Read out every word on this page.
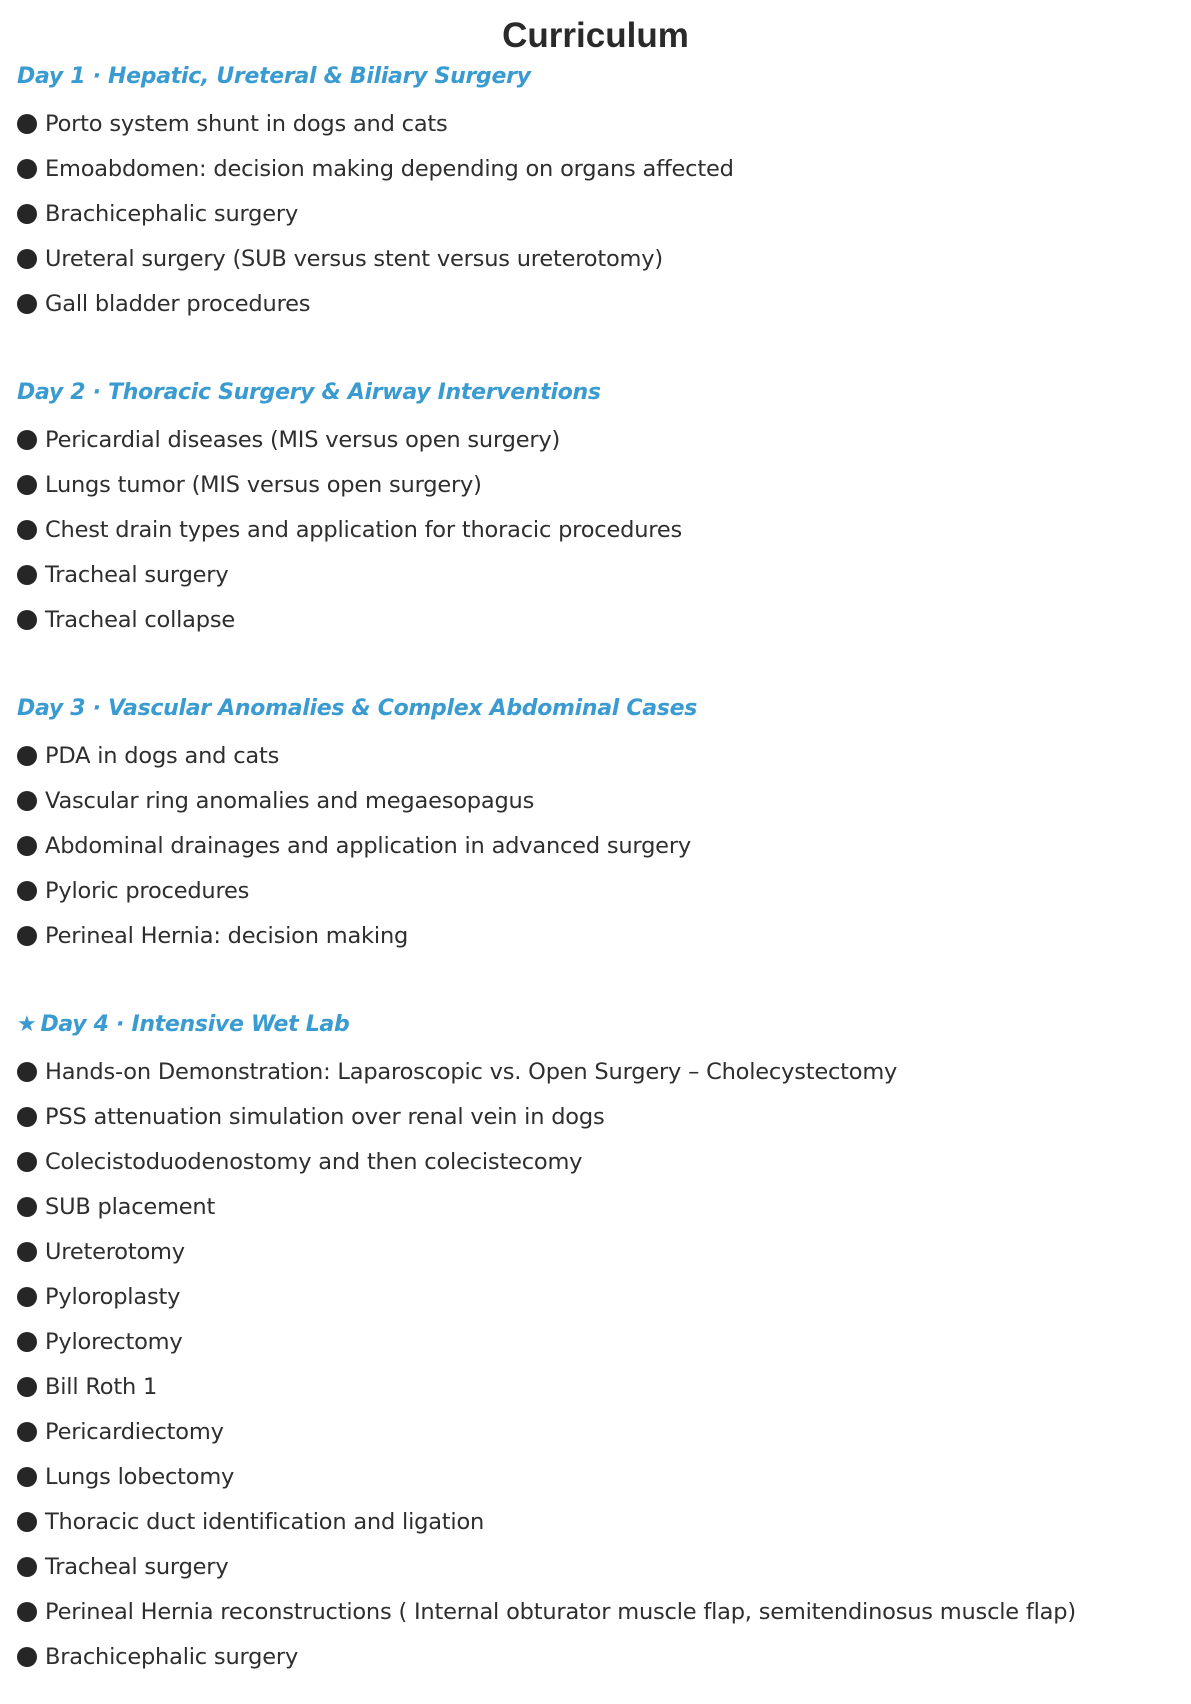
Curriculum
Day 1 · Hepatic, Ureteral & Biliary Surgery
Porto system shunt in dogs and cats
Emoabdomen: decision making depending on organs affected
Brachicephalic surgery
Ureteral surgery (SUB versus stent versus ureterotomy)
Gall bladder procedures
Day 2 · Thoracic Surgery & Airway Interventions
Pericardial diseases (MIS versus open surgery)
Lungs tumor (MIS versus open surgery)
Chest drain types and application for thoracic procedures
Tracheal surgery
Tracheal collapse
Day 3 · Vascular Anomalies & Complex Abdominal Cases
PDA in dogs and cats
Vascular ring anomalies and megaesopagus
Abdominal drainages and application in advanced surgery
Pyloric procedures
Perineal Hernia: decision making
★ Day 4 · Intensive Wet Lab
Hands-on Demonstration: Laparoscopic vs. Open Surgery – Cholecystectomy
PSS attenuation simulation over renal vein in dogs
Colecistoduodenostomy and then colecistecomy
SUB placement
Ureterotomy
Pyloroplasty
Pylorectomy
Bill Roth 1
Pericardiectomy
Lungs lobectomy
Thoracic duct identification and ligation
Tracheal surgery
Perineal Hernia reconstructions ( Internal obturator muscle flap, semitendinosus muscle flap)
Brachicephalic surgery
